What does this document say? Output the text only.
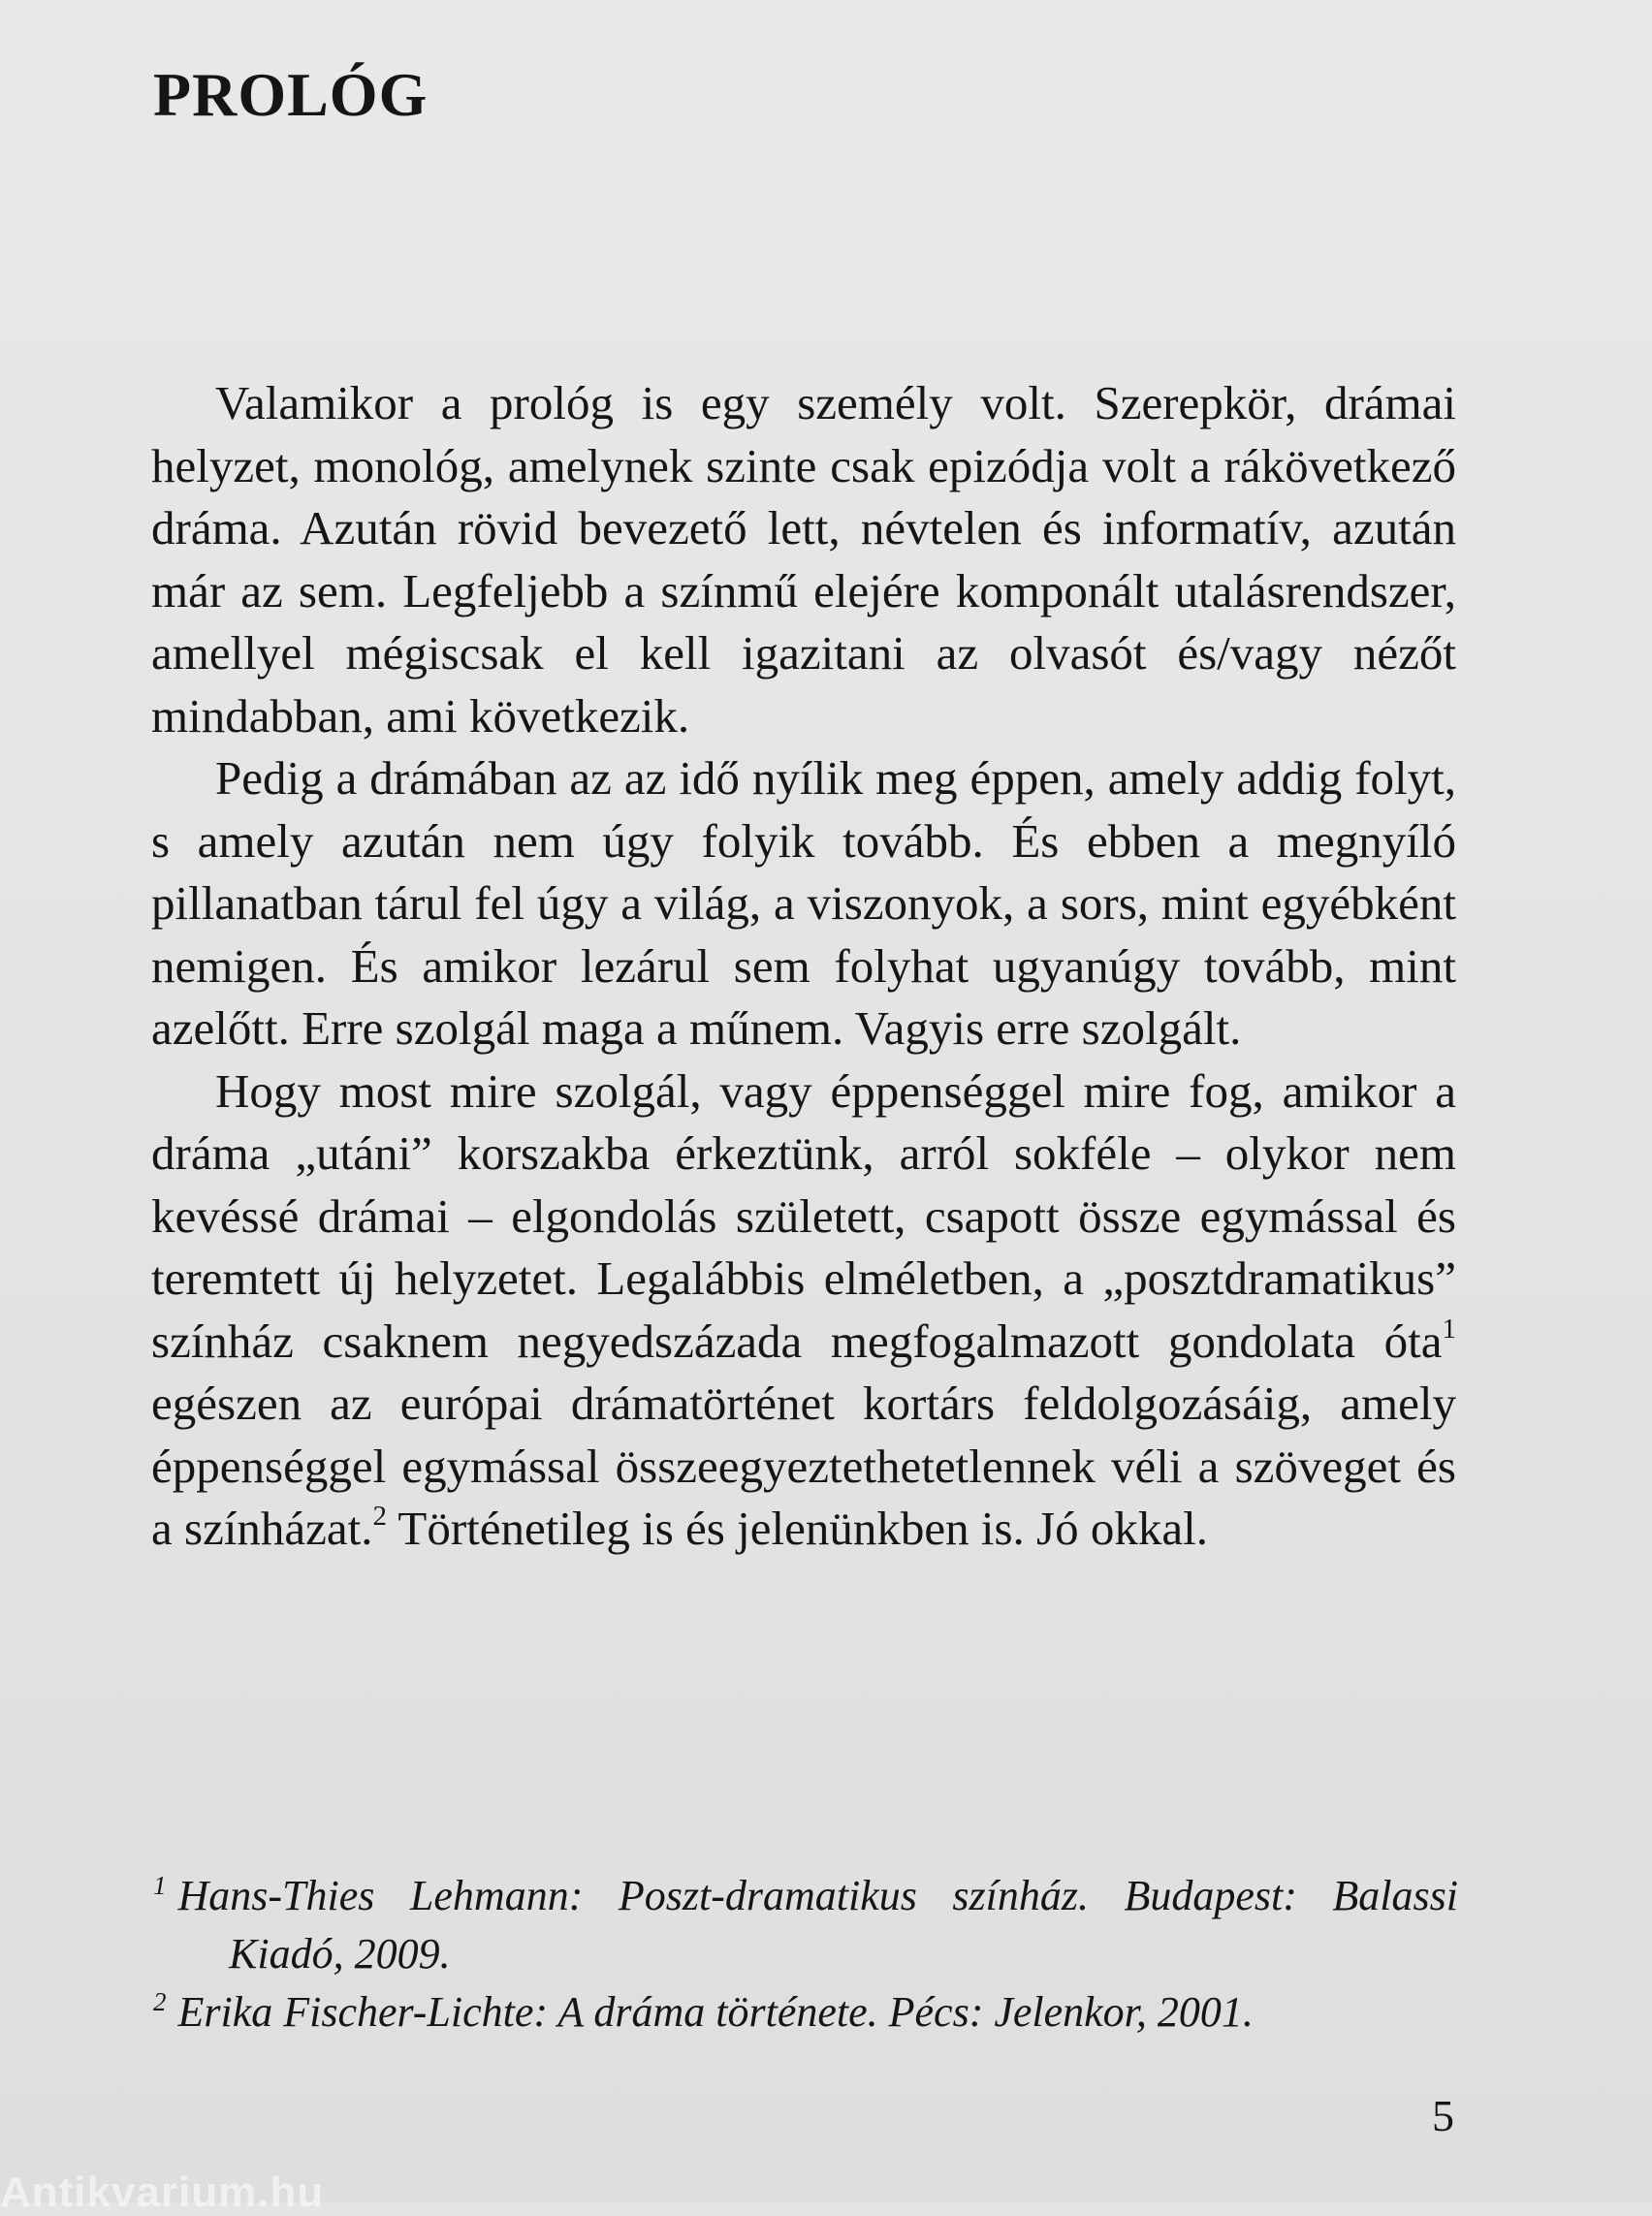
PROLÓG

Valamikor a prológ is egy személy volt. Szerepkör, drámai helyzet, monológ, amelynek szinte csak epizódja volt a rákövetkező dráma. Azután rövid bevezető lett, névtelen és informatív, azután már az sem. Legfeljebb a színmű elejére komponált utalásrendszer, amellyel mégiscsak el kell igazitani az olvasót és/vagy nézőt mindabban, ami következik.

Pedig a drámában az az idő nyílik meg éppen, amely addig folyt, s amely azután nem úgy folyik tovább. És ebben a megnyíló pillanatban tárul fel úgy a világ, a viszonyok, a sors, mint egyébként nemigen. És amikor lezárul sem folyhat ugyanúgy tovább, mint azelőtt. Erre szolgál maga a műnem. Vagyis erre szolgált.

Hogy most mire szolgál, vagy éppenséggel mire fog, amikor a dráma „utáni” korszakba érkeztünk, arról sokféle – olykor nem kevéssé drámai – elgondolás született, csapott össze egymással és teremtett új helyzetet. Legalábbis elméletben, a „posztdramatikus” színház csaknem negyedszázada megfogalmazott gondolata óta$^1$ egészen az európai drámatörténet kortárs feldolgozásáig, amely éppenséggel egymással összeegyeztethetetlennek véli a szöveget és a színházat.$^2$ Történetileg is és jelenünkben is. Jó okkal.

$^1$ Hans-Thies Lehmann: Poszt-dramatikus színház. Budapest: Balassi Kiadó, 2009.

$^2$ Erika Fischer-Lichte: A dráma története. Pécs: Jelenkor, 2001.

5
Antikvarium.hu
